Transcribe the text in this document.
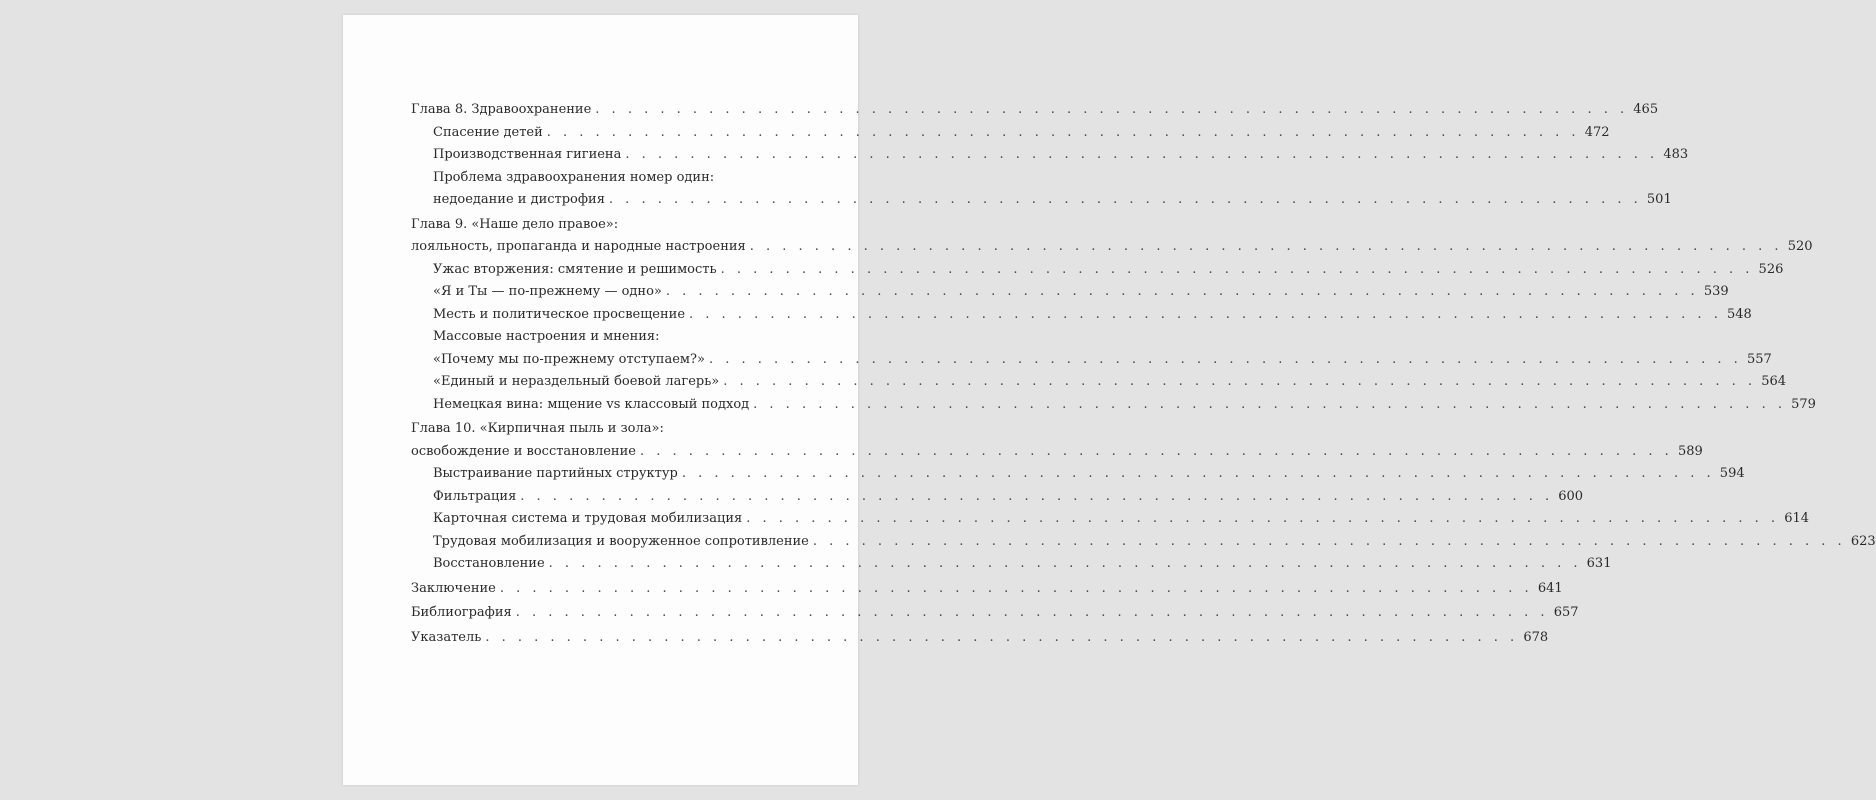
Глава 8. Здравоохранение . . .	465
Спасение детей . . .	472
Производственная гигиена . . .	483
Проблема здравоохранения номер один:
недоедание и дистрофия . . .	501
Глава 9. «Наше дело правое»:
лояльность, пропаганда и народные настроения . . .	520
Ужас вторжения: смятение и решимость . . .	526
«Я и Ты — по-прежнему — одно» . . .	539
Месть и политическое просвещение . . .	548
Массовые настроения и мнения:
«Почему мы по-прежнему отступаем?» . . .	557
«Единый и нераздельный боевой лагерь» . . .	564
Немецкая вина: мщение vs классовый подход . . .	579
Глава 10. «Кирпичная пыль и зола»:
освобождение и восстановление . . .	589
Выстраивание партийных структур . . .	594
Фильтрация . . .	600
Карточная система и трудовая мобилизация . . .	614
Трудовая мобилизация и вооруженное сопротивление . . .	623
Восстановление . . .	631
Заключение . . .	641
Библиография . . .	657
Указатель . . .	678
